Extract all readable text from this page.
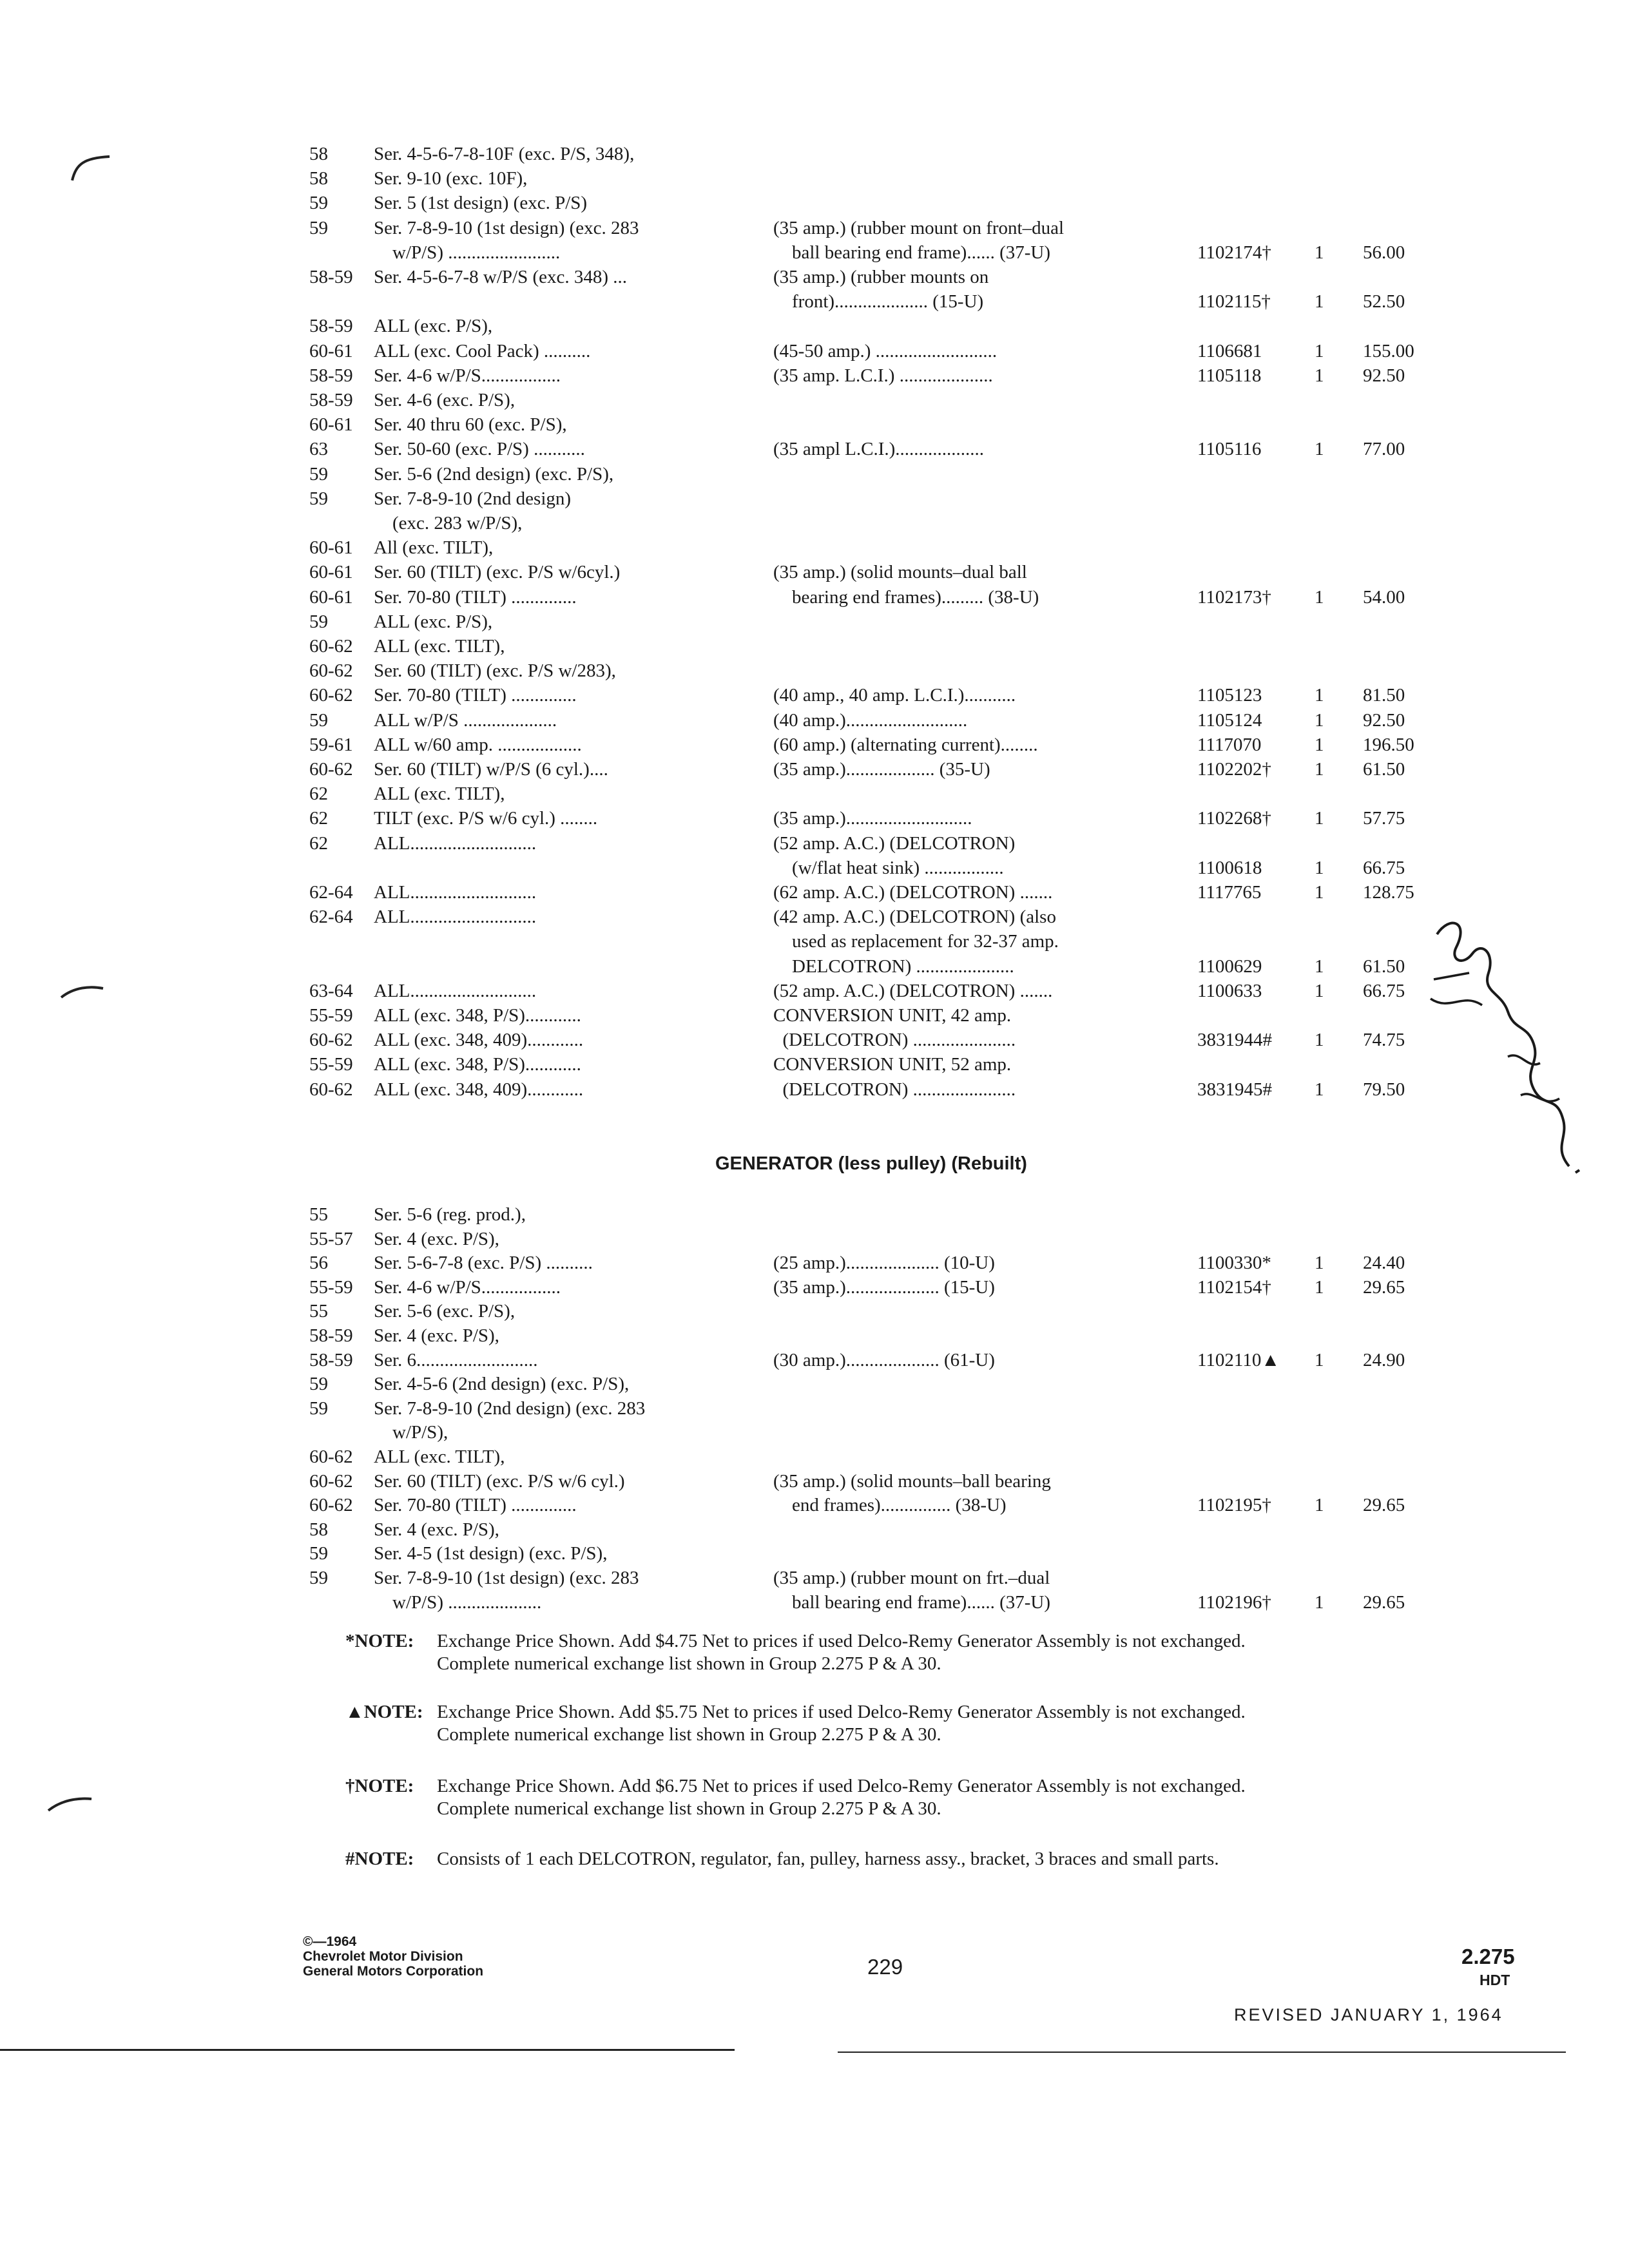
58 Ser. 4-5-6-7-8-10F (exc. P/S, 348),
58 Ser. 9-10 (exc. 10F),
59 Ser. 5 (1st design) (exc. P/S)
59 Ser. 7-8-9-10 (1st design) (exc. 283	(35 amp.) (rubber mount on front–dual
w/P/S) ........................	ball bearing end frame)...... (37-U)	1102174† 1 56.00
58-59 Ser. 4-5-6-7-8 w/P/S (exc. 348) ...	(35 amp.) (rubber mounts on
front).................... (15-U)	1102115† 1 52.50
58-59 ALL (exc. P/S),
60-61 ALL (exc. Cool Pack) ..........	(45-50 amp.) ..........................	1106681	1 155.00
58-59 Ser. 4-6 w/P/S.................	(35 amp. L.C.I.) ....................	1105118	1 92.50
58-59 Ser. 4-6 (exc. P/S),
60-61 Ser. 40 thru 60 (exc. P/S),
63 Ser. 50-60 (exc. P/S) ...........	(35 ampl L.C.I.)...................	1105116	1 77.00
59 Ser. 5-6 (2nd design) (exc. P/S),
59 Ser. 7-8-9-10 (2nd design)
(exc. 283 w/P/S),
60-61 All (exc. TILT),
60-61 Ser. 60 (TILT) (exc. P/S w/6cyl.)	(35 amp.) (solid mounts–dual ball
60-61 Ser. 70-80 (TILT) ..............	bearing end frames)......... (38-U)	1102173† 1 54.00
59 ALL (exc. P/S),
60-62 ALL (exc. TILT),
60-62 Ser. 60 (TILT) (exc. P/S w/283),
60-62 Ser. 70-80 (TILT) ..............	(40 amp., 40 amp. L.C.I.)...........	1105123	1 81.50
59 ALL w/P/S ....................	(40 amp.)..........................	1105124	1 92.50
59-61 ALL w/60 amp. ..................	(60 amp.) (alternating current)........	1117070	1 196.50
60-62 Ser. 60 (TILT) w/P/S (6 cyl.)....	(35 amp.)................... (35-U)	1102202† 1 61.50
62 ALL (exc. TILT),
62 TILT (exc. P/S w/6 cyl.) ........	(35 amp.)...........................	1102268† 1 57.75
62 ALL...........................	(52 amp. A.C.) (DELCOTRON)
(w/flat heat sink) .................	1100618	1 66.75
62-64 ALL...........................	(62 amp. A.C.) (DELCOTRON) .......	1117765	1 128.75
62-64 ALL...........................	(42 amp. A.C.) (DELCOTRON) (also
used as replacement for 32-37 amp.
DELCOTRON) .....................	1100629	1 61.50
63-64 ALL...........................	(52 amp. A.C.) (DELCOTRON) .......	1100633	1 66.75
55-59 ALL (exc. 348, P/S)............	CONVERSION UNIT, 42 amp.
60-62 ALL (exc. 348, 409)............	(DELCOTRON) ......................	3831944# 1 74.75
55-59 ALL (exc. 348, P/S)............	CONVERSION UNIT, 52 amp.
60-62 ALL (exc. 348, 409)............	(DELCOTRON) ......................	3831945# 1 79.50
GENERATOR (less pulley) (Rebuilt)
55 Ser. 5-6 (reg. prod.),
55-57 Ser. 4 (exc. P/S),
56 Ser. 5-6-7-8 (exc. P/S) ..........	(25 amp.).................... (10-U)	1100330* 1 24.40
55-59 Ser. 4-6 w/P/S.................	(35 amp.).................... (15-U)	1102154† 1 29.65
55 Ser. 5-6 (exc. P/S),
58-59 Ser. 4 (exc. P/S),
58-59 Ser. 6..........................	(30 amp.).................... (61-U)	1102110▲ 1 24.90
59 Ser. 4-5-6 (2nd design) (exc. P/S),
59 Ser. 7-8-9-10 (2nd design) (exc. 283
w/P/S),
60-62 ALL (exc. TILT),
60-62 Ser. 60 (TILT) (exc. P/S w/6 cyl.)	(35 amp.) (solid mounts–ball bearing
60-62 Ser. 70-80 (TILT) ..............	end frames)............... (38-U)	1102195† 1 29.65
58 Ser. 4 (exc. P/S),
59 Ser. 4-5 (1st design) (exc. P/S),
59 Ser. 7-8-9-10 (1st design) (exc. 283	(35 amp.) (rubber mount on frt.–dual
w/P/S) ....................	ball bearing end frame)...... (37-U)	1102196† 1 29.65
*NOTE: Exchange Price Shown. Add $4.75 Net to prices if used Delco-Remy Generator Assembly is not exchanged. Complete numerical exchange list shown in Group 2.275 P & A 30.
▲NOTE: Exchange Price Shown. Add $5.75 Net to prices if used Delco-Remy Generator Assembly is not exchanged. Complete numerical exchange list shown in Group 2.275 P & A 30.
†NOTE: Exchange Price Shown. Add $6.75 Net to prices if used Delco-Remy Generator Assembly is not exchanged. Complete numerical exchange list shown in Group 2.275 P & A 30.
#NOTE: Consists of 1 each DELCOTRON, regulator, fan, pulley, harness assy., bracket, 3 braces and small parts.
©—1964
Chevrolet Motor Division
General Motors Corporation	229	2.275
HDT
REVISED JANUARY 1, 1964
